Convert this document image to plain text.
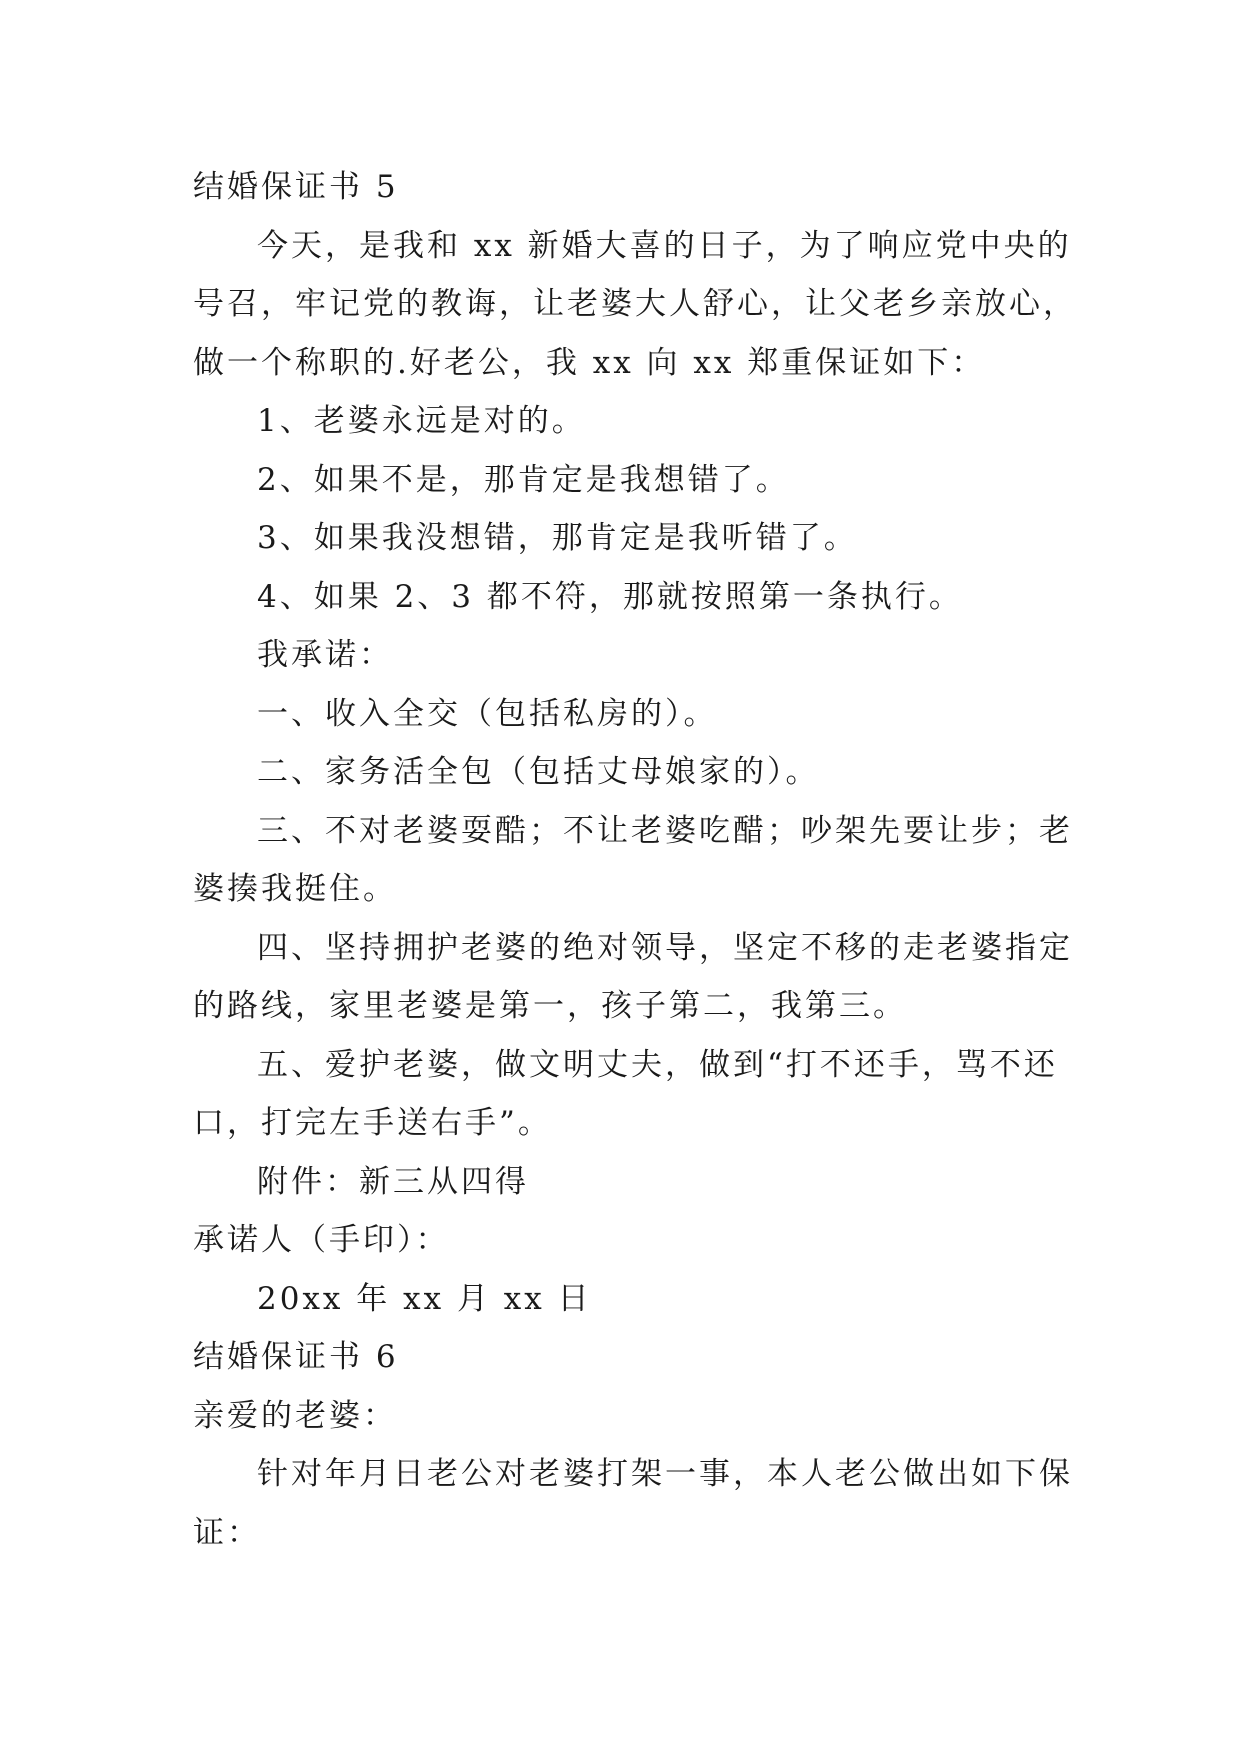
结婚保证书 5
今天，是我和 xx 新婚大喜的日子，为了响应党中央的
号召，牢记党的教诲，让老婆大人舒心，让父老乡亲放心，
做一个称职的.好老公，我 xx 向 xx 郑重保证如下：
1、老婆永远是对的。
2、如果不是，那肯定是我想错了。
3、如果我没想错，那肯定是我听错了。
4、如果 2、3 都不符，那就按照第一条执行。
我承诺：
一、收入全交（包括私房的）。
二、家务活全包（包括丈母娘家的）。
三、不对老婆耍酷；不让老婆吃醋；吵架先要让步；老
婆揍我挺住。
四、坚持拥护老婆的绝对领导，坚定不移的走老婆指定
的路线，家里老婆是第一，孩子第二，我第三。
五、爱护老婆，做文明丈夫，做到“打不还手，骂不还
口，打完左手送右手”。
附件：新三从四得
承诺人（手印）：
20xx 年 xx 月 xx 日
结婚保证书 6
亲爱的老婆：
针对年月日老公对老婆打架一事，本人老公做出如下保
证：
